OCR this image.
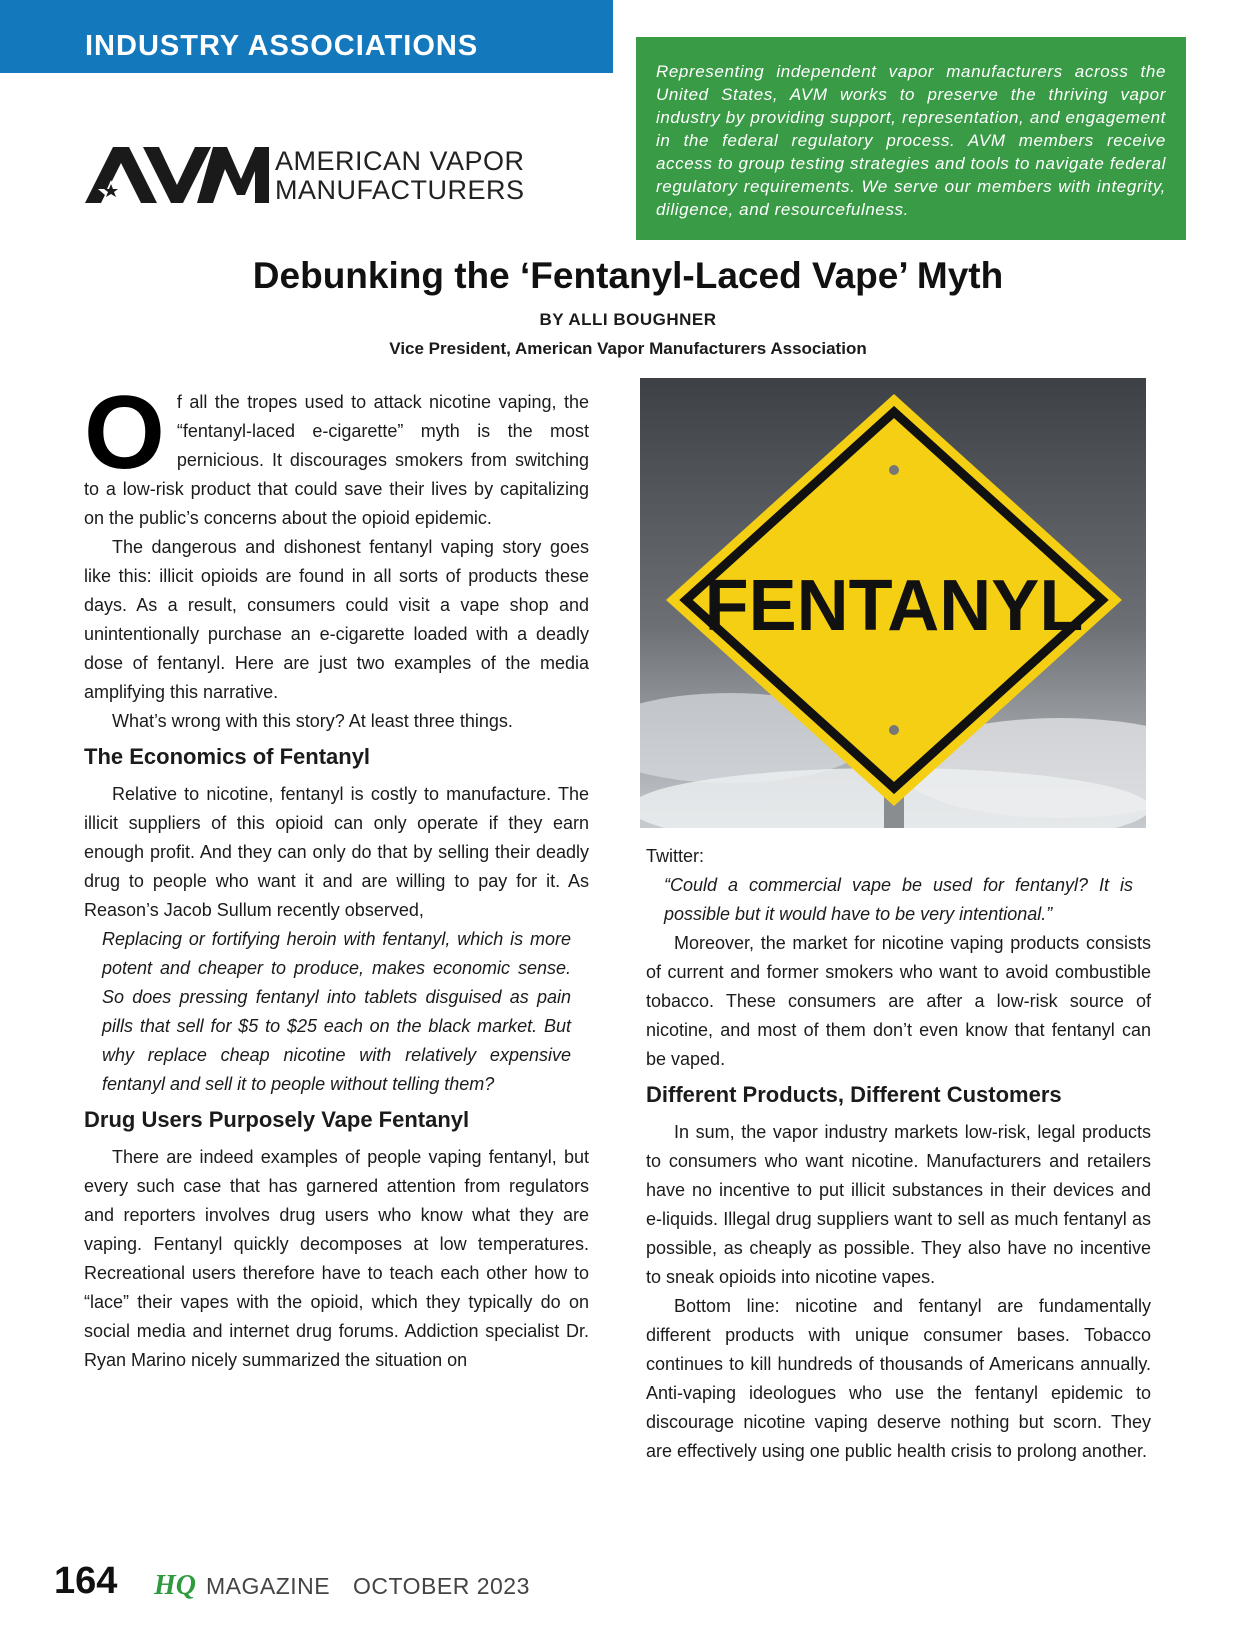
INDUSTRY ASSOCIATIONS
AMERICAN VAPOR
MANUFACTURERS

Representing independent vapor manufacturers across the United States, AVM works to preserve the thriving vapor industry by providing support, representation, and engagement in the federal regulatory process. AVM members receive access to group testing strategies and tools to navigate federal regulatory requirements. We serve our members with integrity, diligence, and resourcefulness.

Debunking the ‘Fentanyl-Laced Vape’ Myth
BY ALLI BOUGHNER
Vice President, American Vapor Manufacturers Association

Of all the tropes used to attack nicotine vaping, the “fentanyl-laced e-cigarette” myth is the most pernicious. It discourages smokers from switching to a low-risk product that could save their lives by capitalizing on the public’s concerns about the opioid epidemic.

The dangerous and dishonest fentanyl vaping story goes like this: illicit opioids are found in all sorts of products these days. As a result, consumers could visit a vape shop and unintentionally purchase an e-cigarette loaded with a deadly dose of fentanyl. Here are just two examples of the media amplifying this narrative.

What’s wrong with this story? At least three things.

The Economics of Fentanyl

Relative to nicotine, fentanyl is costly to manufacture. The illicit suppliers of this opioid can only operate if they earn enough profit. And they can only do that by selling their deadly drug to people who want it and are willing to pay for it. As Reason’s Jacob Sullum recently observed,

Replacing or fortifying heroin with fentanyl, which is more potent and cheaper to produce, makes economic sense. So does pressing fentanyl into tablets disguised as pain pills that sell for $5 to $25 each on the black market. But why replace cheap nicotine with relatively expensive fentanyl and sell it to people without telling them?

Drug Users Purposely Vape Fentanyl

There are indeed examples of people vaping fentanyl, but every such case that has garnered attention from regulators and reporters involves drug users who know what they are vaping. Fentanyl quickly decomposes at low temperatures. Recreational users therefore have to teach each other how to “lace” their vapes with the opioid, which they typically do on social media and internet drug forums. Addiction specialist Dr. Ryan Marino nicely summarized the situation on

FENTANYL

Twitter:

“Could a commercial vape be used for fentanyl? It is possible but it would have to be very intentional.”

Moreover, the market for nicotine vaping products consists of current and former smokers who want to avoid combustible tobacco. These consumers are after a low-risk source of nicotine, and most of them don’t even know that fentanyl can be vaped.

Different Products, Different Customers

In sum, the vapor industry markets low-risk, legal products to consumers who want nicotine. Manufacturers and retailers have no incentive to put illicit substances in their devices and e-liquids. Illegal drug suppliers want to sell as much fentanyl as possible, as cheaply as possible. They also have no incentive to sneak opioids into nicotine vapes.

Bottom line: nicotine and fentanyl are fundamentally different products with unique consumer bases. Tobacco continues to kill hundreds of thousands of Americans annually. Anti-vaping ideologues who use the fentanyl epidemic to discourage nicotine vaping deserve nothing but scorn. They are effectively using one public health crisis to prolong another.

164 HQ MAGAZINE OCTOBER 2023
